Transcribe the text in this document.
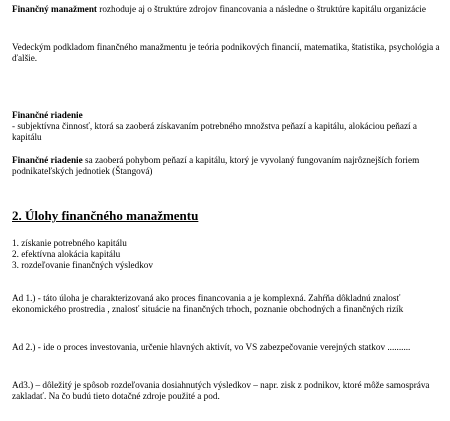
Finančný manažment rozhoduje aj o štruktúre zdrojov financovania a následne o štruktúre kapitálu organizácie

Vedeckým podkladom finančného manažmentu je teória podnikových financií, matematika, štatistika, psychológia a ďalšie.

Finančné riadenie
- subjektívna činnosť, ktorá sa zaoberá získavaním potrebného množstva peňazí a kapitálu, alokáciou peňazí a kapitálu

Finančné riadenie sa zaoberá pohybom peňazí a kapitálu, ktorý je vyvolaný fungovaním najrôznejších foriem podnikateľských jednotiek (Štangová)

2. Úlohy finančného manažmentu
1. získanie potrebného kapitálu
2. efektívna alokácia kapitálu
3. rozdeľovanie finančných výsledkov

Ad 1.) - táto úloha je charakterizovaná ako proces financovania a je komplexná. Zahŕňa dôkladnú znalosť ekonomického prostredia , znalosť situácie na finančných trhoch, poznanie obchodných a finančných rizík

Ad 2.) - ide o proces investovania, určenie hlavných aktivít, vo VS zabezpečovanie verejných statkov ..........

Ad3.) – dôležitý je spôsob rozdeľovania dosiahnutých výsledkov – napr. zisk z podnikov, ktoré môže samospráva zakladať. Na čo budú tieto dotačné zdroje použité a pod.
